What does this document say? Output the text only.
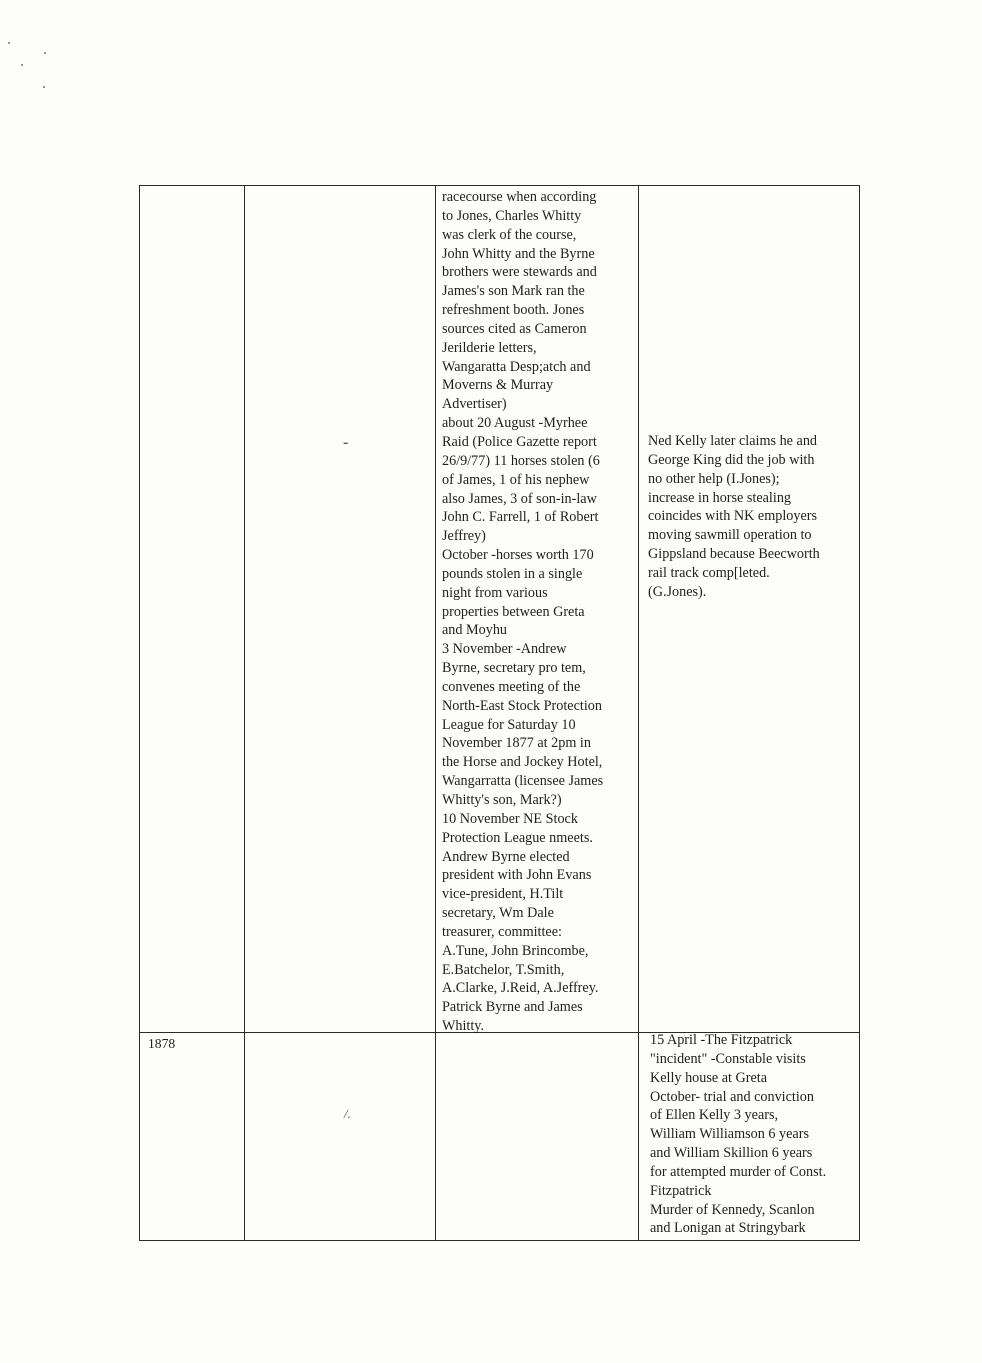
-
racecourse when according
to Jones, Charles Whitty
was clerk of the course,
John Whitty and the Byrne
brothers were stewards and
James's son Mark ran the
refreshment booth. Jones
sources cited as Cameron
Jerilderie letters,
Wangaratta Desp;atch and
Moverns & Murray
Advertiser)
about 20 August -Myrhee
Raid (Police Gazette report
26/9/77) 11 horses stolen (6
of James, 1 of his nephew
also James, 3 of son-in-law
John C. Farrell, 1 of Robert
Jeffrey)
October -horses worth 170
pounds stolen in a single
night from various
properties between Greta
and Moyhu
3 November -Andrew
Byrne, secretary pro tem,
convenes meeting of the
North-East Stock Protection
League for Saturday 10
November 1877 at 2pm in
the Horse and Jockey Hotel,
Wangarratta (licensee James
Whitty's son, Mark?)
10 November NE Stock
Protection League nmeets.
Andrew Byrne elected
president with John Evans
vice-president, H.Tilt
secretary, Wm Dale
treasurer, committee:
A.Tune, John Brincombe,
E.Batchelor, T.Smith,
A.Clarke, J.Reid, A.Jeffrey.
Patrick Byrne and James
Whitty.
Ned Kelly later claims he and
George King did the job with
no other help (I.Jones);
increase in horse stealing
coincides with NK employers
moving sawmill operation to
Gippsland because Beecworth
rail track comp[leted.
(G.Jones).
1878
/.
15 April -The Fitzpatrick
"incident" -Constable visits
Kelly house at Greta
October- trial and conviction
of Ellen Kelly 3 years,
William Williamson 6 years
and William Skillion 6 years
for attempted murder of Const.
Fitzpatrick
Murder of Kennedy, Scanlon
and Lonigan at Stringybark
